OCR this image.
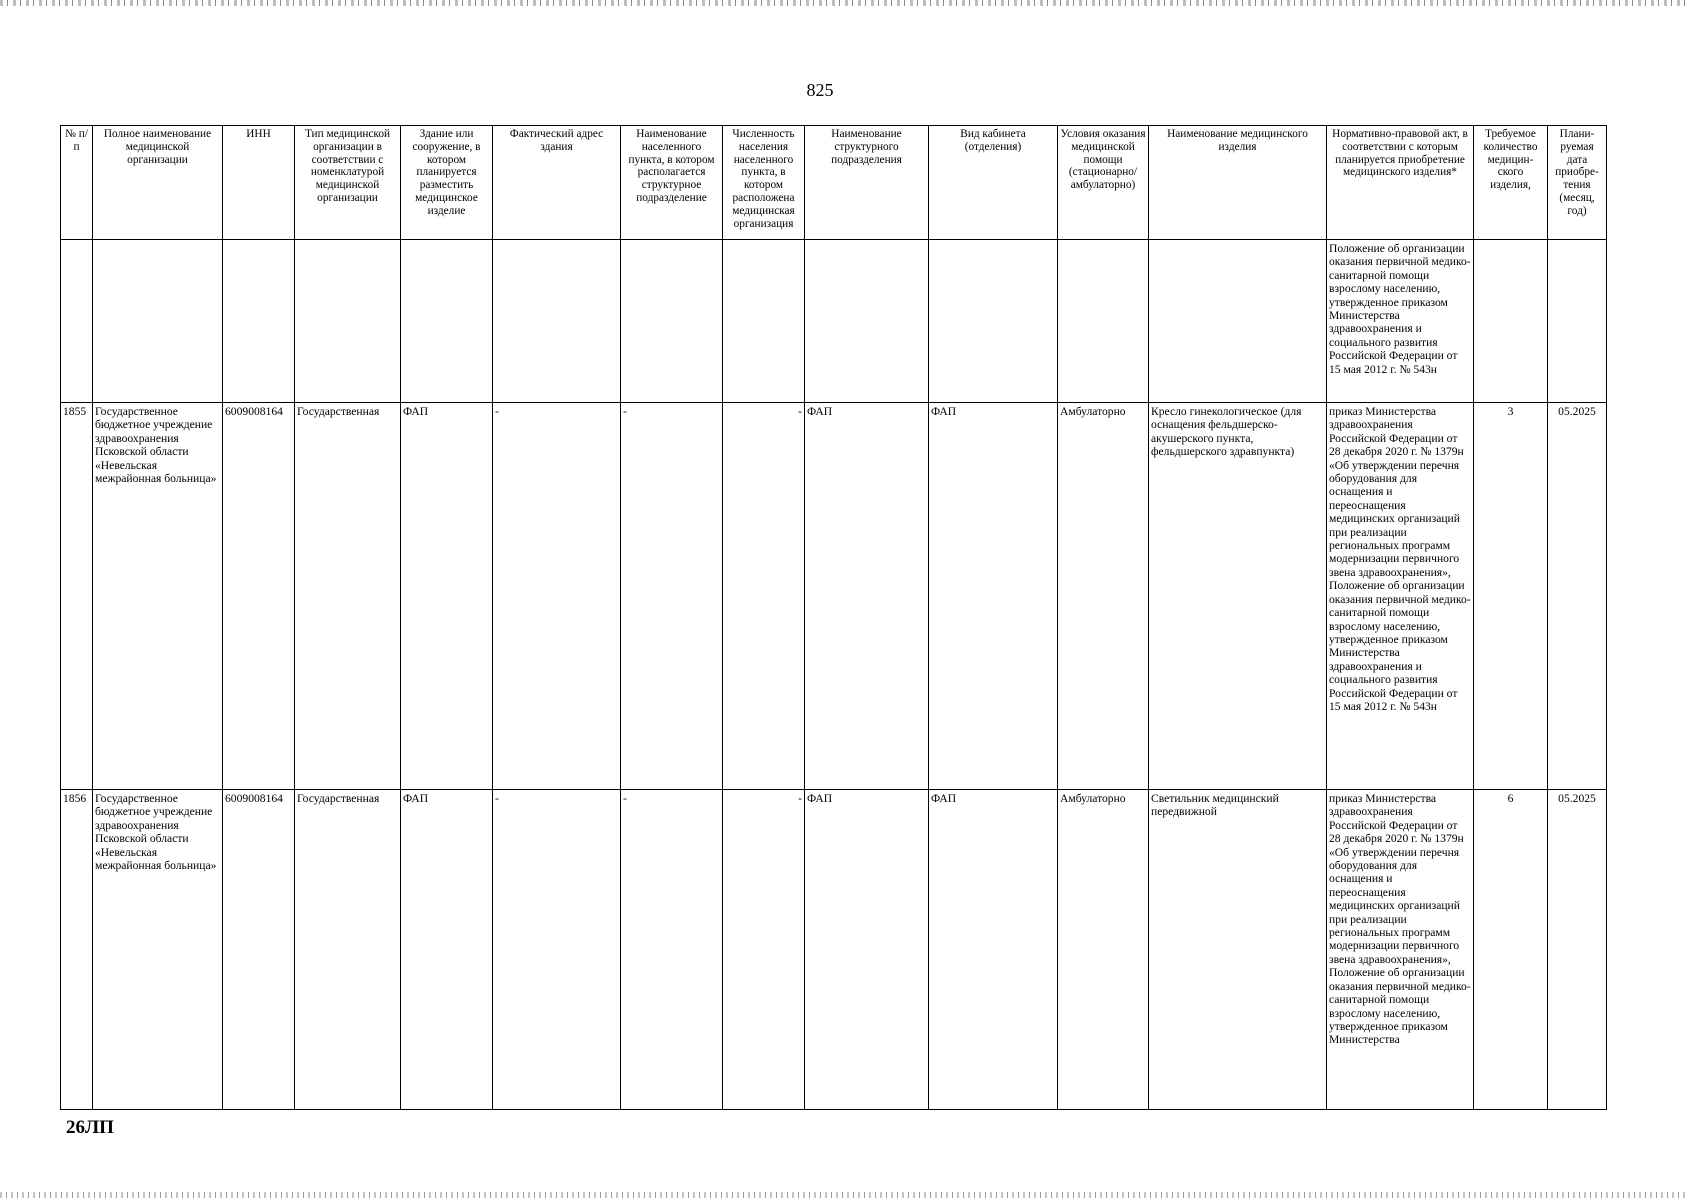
825
№ п/п	Полное наименование медицинской организации	ИНН	Тип медицинской организации в соответствии с номенклатурой медицинской организации	Здание или сооружение, в котором планируется разместить медицинское изделие	Фактический адрес здания	Наименование населенного пункта, в котором располагается структурное подразделение	Численность населения населенного пункта, в котором расположена медицинская организация	Наименование структурного подразделения	Вид кабинета (отделения)	Условия оказания медицинской помощи (стационарно/ амбулаторно)	Наименование медицинского изделия	Нормативно-правовой акт, в соответствии с которым планируется приобретение медицинского изделия*	Требуемое количество медицин-ского изделия,	Плани-руемая дата приобре-тения (месяц, год)
												Положение об организации оказания первичной медико-санитарной помощи взрослому населению, утвержденное приказом Министерства здравоохранения и социального развития Российской Федерации от 15 мая 2012 г. № 543н		
1855	Государственное бюджетное учреждение здравоохранения Псковской области «Невельская межрайонная больница»	6009008164	Государственная	ФАП	-	-	-	ФАП	ФАП	Амбулаторно	Кресло гинекологическое (для оснащения фельдшерско-акушерского пункта, фельдшерского здравпункта)	приказ Министерства здравоохранения Российской Федерации от 28 декабря 2020 г. № 1379н «Об утверждении перечня оборудования для оснащения и переоснащения медицинских организаций при реализации региональных программ модернизации первичного звена здравоохранения», Положение об организации оказания первичной медико-санитарной помощи взрослому населению, утвержденное приказом Министерства здравоохранения и социального развития Российской Федерации от 15 мая 2012 г. № 543н	3	05.2025
1856	Государственное бюджетное учреждение здравоохранения Псковской области «Невельская межрайонная больница»	6009008164	Государственная	ФАП	-	-	-	ФАП	ФАП	Амбулаторно	Светильник медицинский передвижной	приказ Министерства здравоохранения Российской Федерации от 28 декабря 2020 г. № 1379н «Об утверждении перечня оборудования для оснащения и переоснащения медицинских организаций при реализации региональных программ модернизации первичного звена здравоохранения», Положение об организации оказания первичной медико-санитарной помощи взрослому населению, утвержденное приказом Министерства	6	05.2025
26ЛП
